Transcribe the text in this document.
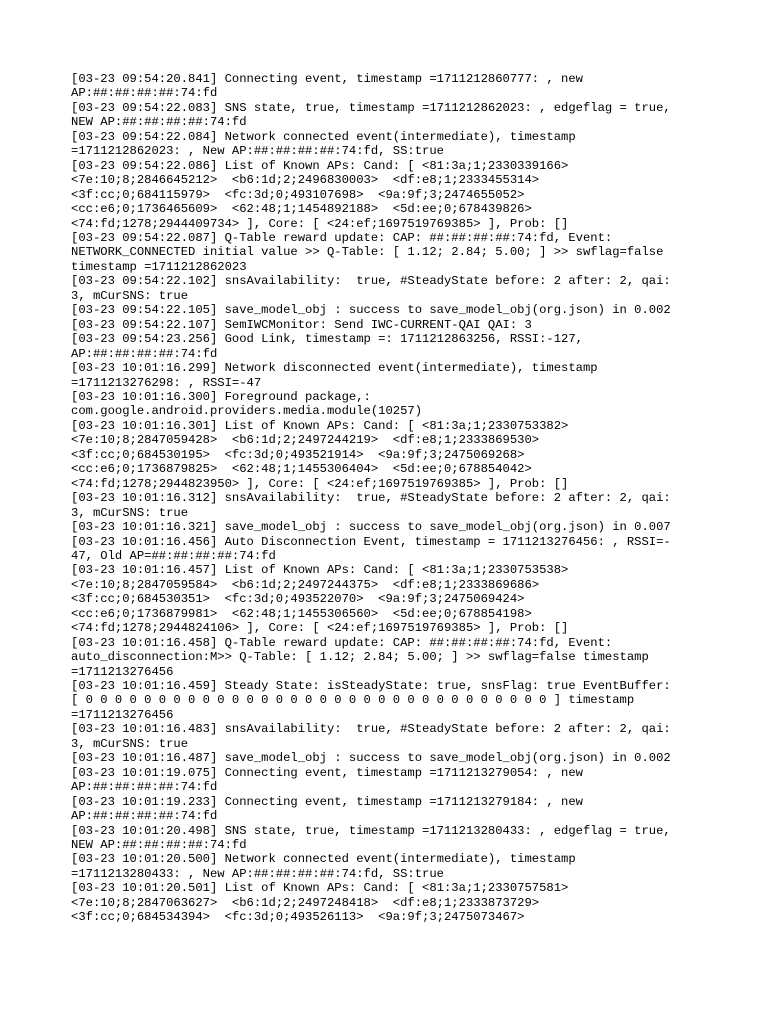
[03-23 09:54:20.841] Connecting event, timestamp =1711212860777: , new
AP:##:##:##:##:74:fd
[03-23 09:54:22.083] SNS state, true, timestamp =1711212862023: , edgeflag = true,
NEW AP:##:##:##:##:74:fd
[03-23 09:54:22.084] Network connected event(intermediate), timestamp
=1711212862023: , New AP:##:##:##:##:74:fd, SS:true
[03-23 09:54:22.086] List of Known APs: Cand: [ <81:3a;1;2330339166>
<7e:10;8;2846645212>  <b6:1d;2;2496830003>  <df:e8;1;2333455314>
<3f:cc;0;684115979>  <fc:3d;0;493107698>  <9a:9f;3;2474655052>
<cc:e6;0;1736465609>  <62:48;1;1454892188>  <5d:ee;0;678439826>
<74:fd;1278;2944409734> ], Core: [ <24:ef;1697519769385> ], Prob: []
[03-23 09:54:22.087] Q-Table reward update: CAP: ##:##:##:##:74:fd, Event:
NETWORK_CONNECTED initial value >> Q-Table: [ 1.12; 2.84; 5.00; ] >> swflag=false
timestamp =1711212862023
[03-23 09:54:22.102] snsAvailability:  true, #SteadyState before: 2 after: 2, qai:
3, mCurSNS: true
[03-23 09:54:22.105] save_model_obj : success to save_model_obj(org.json) in 0.002
[03-23 09:54:22.107] SemIWCMonitor: Send IWC-CURRENT-QAI QAI: 3
[03-23 09:54:23.256] Good Link, timestamp =: 1711212863256, RSSI:-127,
AP:##:##:##:##:74:fd
[03-23 10:01:16.299] Network disconnected event(intermediate), timestamp
=1711213276298: , RSSI=-47
[03-23 10:01:16.300] Foreground package,:
com.google.android.providers.media.module(10257)
[03-23 10:01:16.301] List of Known APs: Cand: [ <81:3a;1;2330753382>
<7e:10;8;2847059428>  <b6:1d;2;2497244219>  <df:e8;1;2333869530>
<3f:cc;0;684530195>  <fc:3d;0;493521914>  <9a:9f;3;2475069268>
<cc:e6;0;1736879825>  <62:48;1;1455306404>  <5d:ee;0;678854042>
<74:fd;1278;2944823950> ], Core: [ <24:ef;1697519769385> ], Prob: []
[03-23 10:01:16.312] snsAvailability:  true, #SteadyState before: 2 after: 2, qai:
3, mCurSNS: true
[03-23 10:01:16.321] save_model_obj : success to save_model_obj(org.json) in 0.007
[03-23 10:01:16.456] Auto Disconnection Event, timestamp = 1711213276456: , RSSI=-
47, Old AP=##:##:##:##:74:fd
[03-23 10:01:16.457] List of Known APs: Cand: [ <81:3a;1;2330753538>
<7e:10;8;2847059584>  <b6:1d;2;2497244375>  <df:e8;1;2333869686>
<3f:cc;0;684530351>  <fc:3d;0;493522070>  <9a:9f;3;2475069424>
<cc:e6;0;1736879981>  <62:48;1;1455306560>  <5d:ee;0;678854198>
<74:fd;1278;2944824106> ], Core: [ <24:ef;1697519769385> ], Prob: []
[03-23 10:01:16.458] Q-Table reward update: CAP: ##:##:##:##:74:fd, Event:
auto_disconnection:M>> Q-Table: [ 1.12; 2.84; 5.00; ] >> swflag=false timestamp
=1711213276456
[03-23 10:01:16.459] Steady State: isSteadyState: true, snsFlag: true EventBuffer:
[ 0 0 0 0 0 0 0 0 0 0 0 0 0 0 0 0 0 0 0 0 0 0 0 0 0 0 0 0 0 0 0 0 ] timestamp
=1711213276456
[03-23 10:01:16.483] snsAvailability:  true, #SteadyState before: 2 after: 2, qai:
3, mCurSNS: true
[03-23 10:01:16.487] save_model_obj : success to save_model_obj(org.json) in 0.002
[03-23 10:01:19.075] Connecting event, timestamp =1711213279054: , new
AP:##:##:##:##:74:fd
[03-23 10:01:19.233] Connecting event, timestamp =1711213279184: , new
AP:##:##:##:##:74:fd
[03-23 10:01:20.498] SNS state, true, timestamp =1711213280433: , edgeflag = true,
NEW AP:##:##:##:##:74:fd
[03-23 10:01:20.500] Network connected event(intermediate), timestamp
=1711213280433: , New AP:##:##:##:##:74:fd, SS:true
[03-23 10:01:20.501] List of Known APs: Cand: [ <81:3a;1;2330757581>
<7e:10;8;2847063627>  <b6:1d;2;2497248418>  <df:e8;1;2333873729>
<3f:cc;0;684534394>  <fc:3d;0;493526113>  <9a:9f;3;2475073467>
